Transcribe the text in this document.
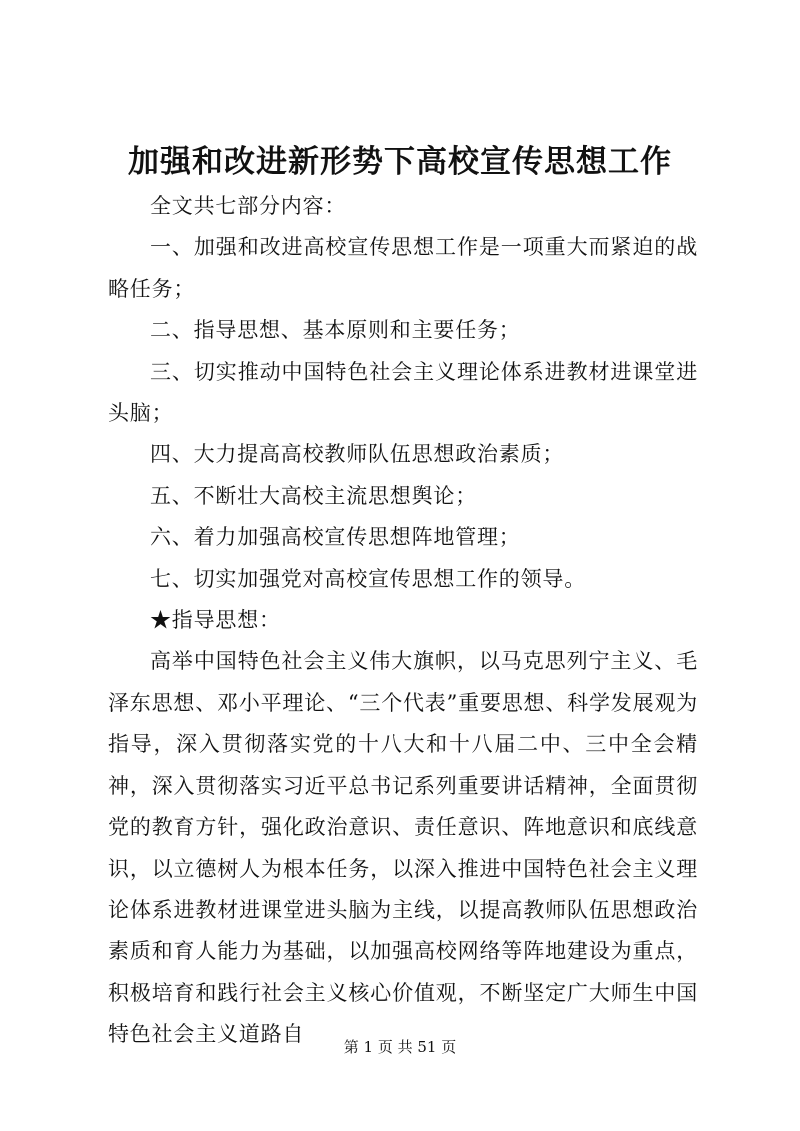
加强和改进新形势下高校宣传思想工作

全文共七部分内容：

一、加强和改进高校宣传思想工作是一项重大而紧迫的战略任务；

二、指导思想、基本原则和主要任务；

三、切实推动中国特色社会主义理论体系进教材进课堂进头脑；

四、大力提高高校教师队伍思想政治素质；

五、不断壮大高校主流思想舆论；

六、着力加强高校宣传思想阵地管理；

七、切实加强党对高校宣传思想工作的领导。

★指导思想：

高举中国特色社会主义伟大旗帜，以马克思列宁主义、毛泽东思想、邓小平理论、“三个代表”重要思想、科学发展观为指导，深入贯彻落实党的十八大和十八届二中、三中全会精神，深入贯彻落实习近平总书记系列重要讲话精神，全面贯彻党的教育方针，强化政治意识、责任意识、阵地意识和底线意识，以立德树人为根本任务，以深入推进中国特色社会主义理论体系进教材进课堂进头脑为主线，以提高教师队伍思想政治素质和育人能力为基础，以加强高校网络等阵地建设为重点，积极培育和践行社会主义核心价值观，不断坚定广大师生中国特色社会主义道路自

第 1 页 共 51 页
